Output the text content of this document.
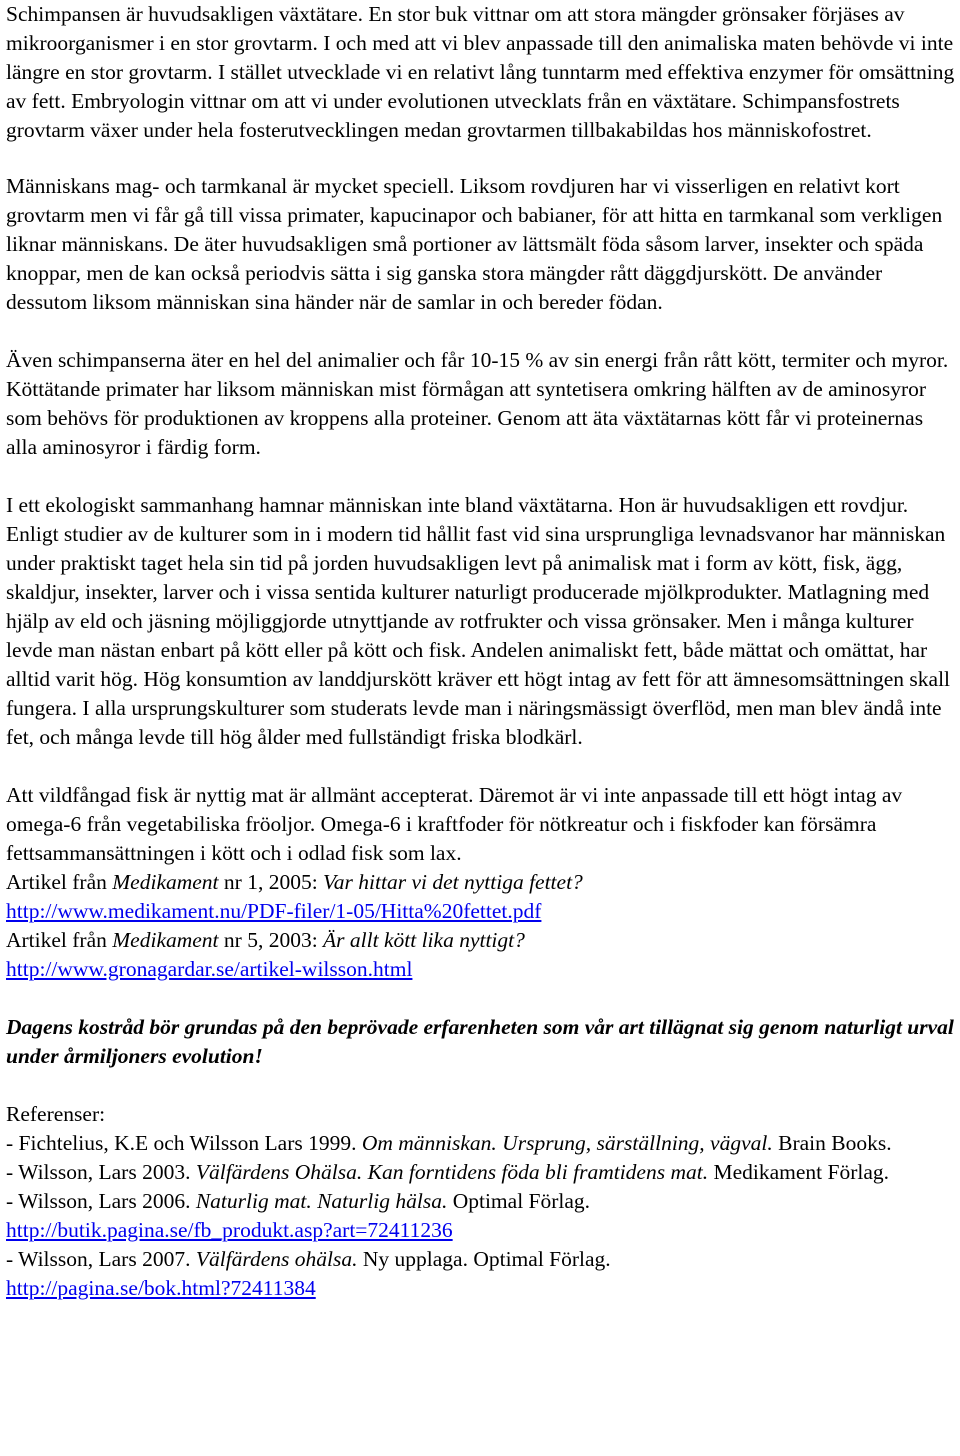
Schimpansen är huvudsakligen växtätare. En stor buk vittnar om att stora mängder grönsaker förjäses av mikroorganismer i en stor grovtarm. I och med att vi blev anpassade till den animaliska maten behövde vi inte längre en stor grovtarm. I stället utvecklade vi en relativt lång tunntarm med effektiva enzymer för omsättning av fett. Embryologin vittnar om att vi under evolutionen utvecklats från en växtätare. Schimpansfostrets grovtarm växer under hela fosterutvecklingen medan grovtarmen tillbakabildas hos människofostret.

Människans mag- och tarmkanal är mycket speciell. Liksom rovdjuren har vi visserligen en relativt kort grovtarm men vi får gå till vissa primater, kapucinapor och babianer, för att hitta en tarmkanal som verkligen liknar människans. De äter huvudsakligen små portioner av lättsmält föda såsom larver, insekter och späda knoppar, men de kan också periodvis sätta i sig ganska stora mängder rått däggdjurskött. De använder dessutom liksom människan sina händer när de samlar in och bereder födan.

Även schimpanserna äter en hel del animalier och får 10-15 % av sin energi från rått kött, termiter och myror. Köttätande primater har liksom människan mist förmågan att syntetisera omkring hälften av de aminosyror som behövs för produktionen av kroppens alla proteiner. Genom att äta växtätarnas kött får vi proteinernas alla aminosyror i färdig form.

I ett ekologiskt sammanhang hamnar människan inte bland växtätarna. Hon är huvudsakligen ett rovdjur. Enligt studier av de kulturer som in i modern tid hållit fast vid sina ursprungliga levnadsvanor har människan under praktiskt taget hela sin tid på jorden huvudsakligen levt på animalisk mat i form av kött, fisk, ägg, skaldjur, insekter, larver och i vissa sentida kulturer naturligt producerade mjölkprodukter. Matlagning med hjälp av eld och jäsning möjliggjorde utnyttjande av rotfrukter och vissa grönsaker. Men i många kulturer levde man nästan enbart på kött eller på kött och fisk. Andelen animaliskt fett, både mättat och omättat, har alltid varit hög. Hög konsumtion av landdjurskött kräver ett högt intag av fett för att ämnesomsättningen skall fungera. I alla ursprungskulturer som studerats levde man i näringsmässigt överflöd, men man blev ändå inte fet, och många levde till hög ålder med fullständigt friska blodkärl.

Att vildfångad fisk är nyttig mat är allmänt accepterat. Däremot är vi inte anpassade till ett högt intag av omega-6 från vegetabiliska fröoljor. Omega-6 i kraftfoder för nötkreatur och i fiskfoder kan försämra fettsammansättningen i kött och i odlad fisk som lax.

Artikel från Medikament nr 1, 2005: Var hittar vi det nyttiga fettet?

http://www.medikament.nu/PDF-filer/1-05/Hitta%20fettet.pdf

Artikel från Medikament nr 5, 2003: Är allt kött lika nyttigt?

http://www.gronagardar.se/artikel-wilsson.html

Dagens kostråd bör grundas på den beprövade erfarenheten som vår art tillägnat sig genom naturligt urval under årmiljoners evolution!

Referenser:

- Fichtelius, K.E och Wilsson Lars 1999. Om människan. Ursprung, särställning, vägval. Brain Books.

- Wilsson, Lars 2003. Välfärdens Ohälsa. Kan forntidens föda bli framtidens mat. Medikament Förlag.

- Wilsson, Lars 2006. Naturlig mat. Naturlig hälsa. Optimal Förlag.

http://butik.pagina.se/fb_produkt.asp?art=72411236

- Wilsson, Lars 2007. Välfärdens ohälsa. Ny upplaga. Optimal Förlag.

http://pagina.se/bok.html?72411384
